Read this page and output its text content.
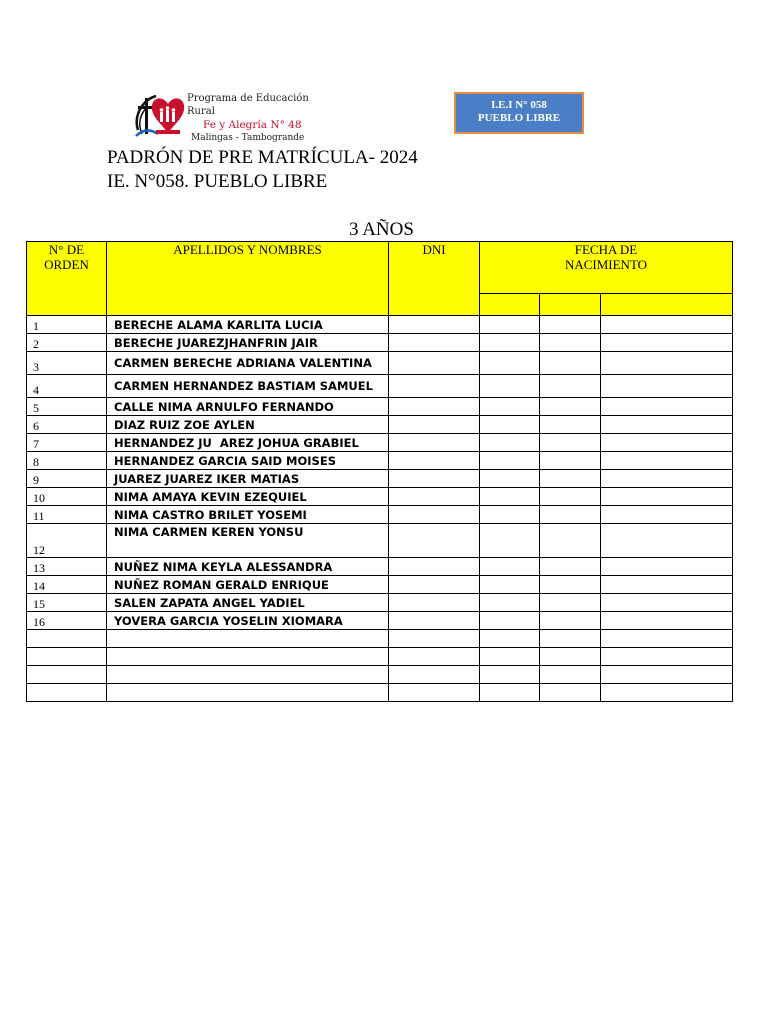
Programa de Educación Rural
Fe y Alegría N° 48
Malingas - Tambogrande
I.E.I N° 058
PUEBLO LIBRE
PADRÓN DE PRE MATRÍCULA- 2024
IE. N°058. PUEBLO LIBRE
3 AÑOS
N° DE ORDEN	APELLIDOS Y NOMBRES	DNI	FECHA DE NACIMIENTO		

1	BERECHE ALAMA KARLITA LUCIA				
2	BERECHE JUAREZJHANFRIN JAIR				
3	CARMEN BERECHE ADRIANA VALENTINA				
4	CARMEN HERNANDEZ BASTIAM SAMUEL				
5	CALLE NIMA ARNULFO FERNANDO				
6	DIAZ RUIZ ZOE AYLEN				
7	HERNANDEZ JU  AREZ JOHUA GRABIEL				
8	HERNANDEZ GARCIA SAID MOISES				
9	JUAREZ JUAREZ IKER MATIAS				
10	NIMA AMAYA KEVIN EZEQUIEL				
11	NIMA CASTRO BRILET YOSEMI				
12	NIMA CARMEN KEREN YONSU				
13	NUÑEZ NIMA KEYLA ALESSANDRA				
14	NUÑEZ ROMAN GERALD ENRIQUE				
15	SALEN ZAPATA ANGEL YADIEL				
16	YOVERA GARCIA YOSELIN XIOMARA				
